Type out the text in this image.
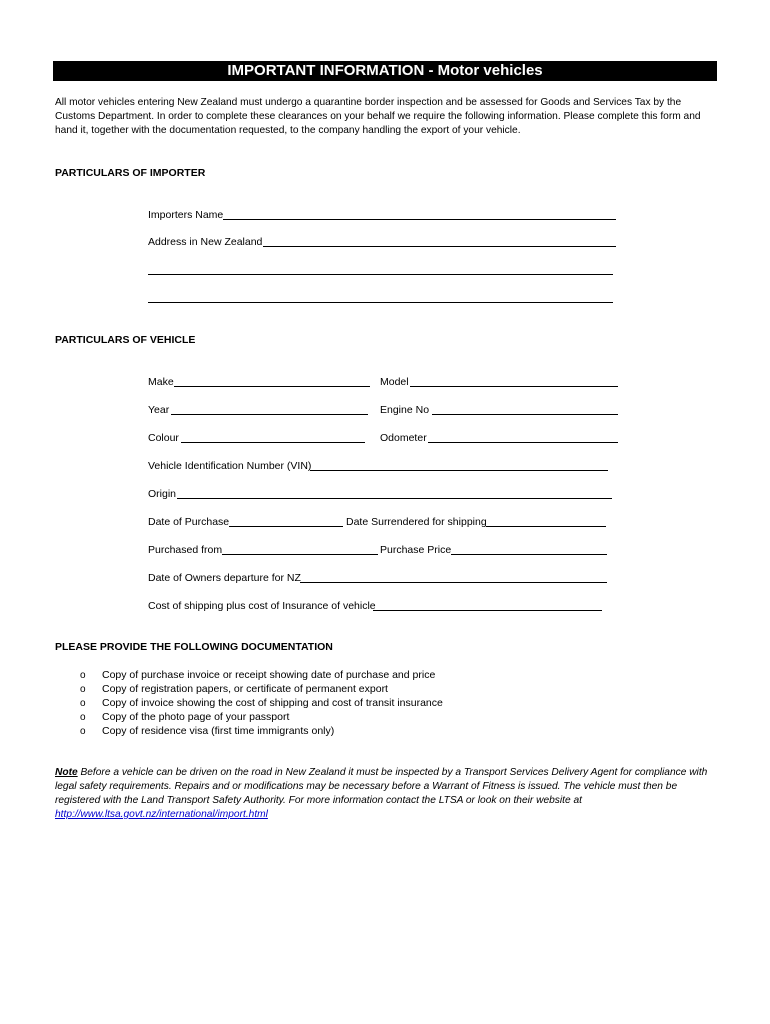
IMPORTANT INFORMATION - Motor vehicles
All motor vehicles entering New Zealand must undergo a quarantine border inspection and be assessed for Goods and Services Tax by the Customs Department. In order to complete these clearances on your behalf we require the following information. Please complete this form and hand it, together with the documentation requested, to the company handling the export of your vehicle.
PARTICULARS OF IMPORTER
Importers Name
Address in New Zealand
PARTICULARS OF VEHICLE
Make	Model
Year	Engine No
Colour	Odometer
Vehicle Identification Number (VIN)
Origin
Date of Purchase	Date Surrendered for shipping
Purchased from	Purchase Price
Date of Owners departure for NZ
Cost of shipping plus cost of Insurance of vehicle
PLEASE PROVIDE THE FOLLOWING DOCUMENTATION
o Copy of purchase invoice or receipt showing date of purchase and price
o Copy of registration papers, or certificate of permanent export
o Copy of invoice showing the cost of shipping and cost of transit insurance
o Copy of the photo page of your passport
o Copy of residence visa (first time immigrants only)
Note Before a vehicle can be driven on the road in New Zealand it must be inspected by a Transport Services Delivery Agent for compliance with legal safety requirements. Repairs and or modifications may be necessary before a Warrant of Fitness is issued. The vehicle must then be registered with the Land Transport Safety Authority. For more information contact the LTSA or look on their website at http://www.ltsa.govt.nz/international/import.html
